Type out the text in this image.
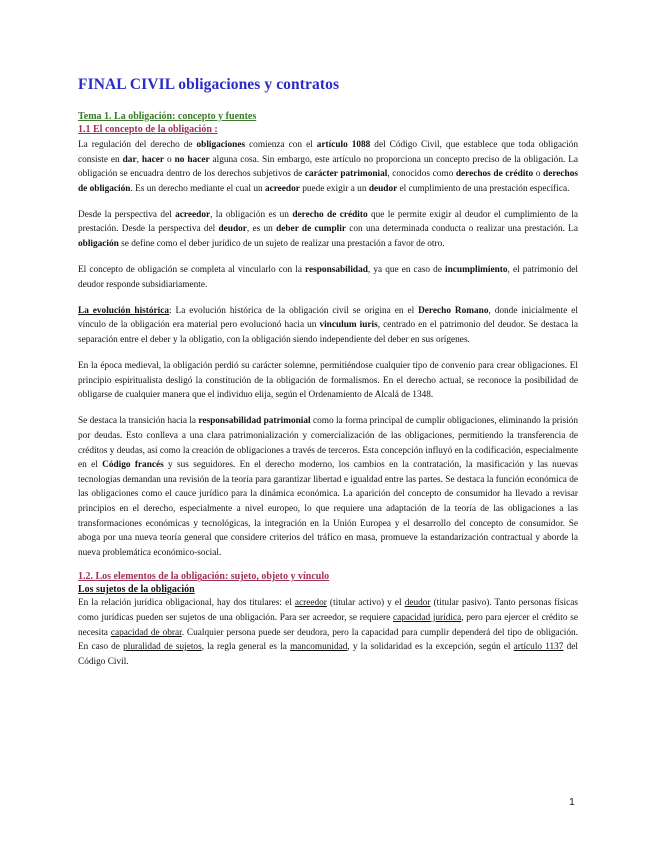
FINAL CIVIL obligaciones y contratos
Tema 1. La obligación: concepto y fuentes
1.1 El concepto de la obligación :

La regulación del derecho de obligaciones comienza con el artículo 1088 del Código Civil, que establece que toda obligación consiste en dar, hacer o no hacer alguna cosa. Sin embargo, este artículo no proporciona un concepto preciso de la obligación. La obligación se encuadra dentro de los derechos subjetivos de carácter patrimonial, conocidos como derechos de crédito o derechos de obligación. Es un derecho mediante el cual un acreedor puede exigir a un deudor el cumplimiento de una prestación específica.

Desde la perspectiva del acreedor, la obligación es un derecho de crédito que le permite exigir al deudor el cumplimiento de la prestación. Desde la perspectiva del deudor, es un deber de cumplir con una determinada conducta o realizar una prestación. La obligación se define como el deber jurídico de un sujeto de realizar una prestación a favor de otro.

El concepto de obligación se completa al vincularlo con la responsabilidad, ya que en caso de incumplimiento, el patrimonio del deudor responde subsidiariamente.

La evolución histórica: La evolución histórica de la obligación civil se origina en el Derecho Romano, donde inicialmente el vínculo de la obligación era material pero evolucionó hacia un vinculum iuris, centrado en el patrimonio del deudor. Se destaca la separación entre el deber y la obligatio, con la obligación siendo independiente del deber en sus orígenes.

En la época medieval, la obligación perdió su carácter solemne, permitiéndose cualquier tipo de convenio para crear obligaciones. El principio espiritualista desligó la constitución de la obligación de formalismos. En el derecho actual, se reconoce la posibilidad de obligarse de cualquier manera que el individuo elija, según el Ordenamiento de Alcalá de 1348.

Se destaca la transición hacia la responsabilidad patrimonial como la forma principal de cumplir obligaciones, eliminando la prisión por deudas. Esto conlleva a una clara patrimonialización y comercialización de las obligaciones, permitiendo la transferencia de créditos y deudas, así como la creación de obligaciones a través de terceros. Esta concepción influyó en la codificación, especialmente en el Código francés y sus seguidores. En el derecho moderno, los cambios en la contratación, la masificación y las nuevas tecnologías demandan una revisión de la teoría para garantizar libertad e igualdad entre las partes. Se destaca la función económica de las obligaciones como el cauce jurídico para la dinámica económica. La aparición del concepto de consumidor ha llevado a revisar principios en el derecho, especialmente a nivel europeo, lo que requiere una adaptación de la teoría de las obligaciones a las transformaciones económicas y tecnológicas, la integración en la Unión Europea y el desarrollo del concepto de consumidor. Se aboga por una nueva teoría general que considere criterios del tráfico en masa, promueve la estandarización contractual y aborde la nueva problemática económico-social.

1.2. Los elementos de la obligación: sujeto, objeto y vínculo
Los sujetos de la obligación

En la relación jurídica obligacional, hay dos titulares: el acreedor (titular activo) y el deudor (titular pasivo). Tanto personas físicas como jurídicas pueden ser sujetos de una obligación. Para ser acreedor, se requiere capacidad jurídica, pero para ejercer el crédito se necesita capacidad de obrar. Cualquier persona puede ser deudora, pero la capacidad para cumplir dependerá del tipo de obligación. En caso de pluralidad de sujetos, la regla general es la mancomunidad, y la solidaridad es la excepción, según el artículo 1137 del Código Civil.

1
